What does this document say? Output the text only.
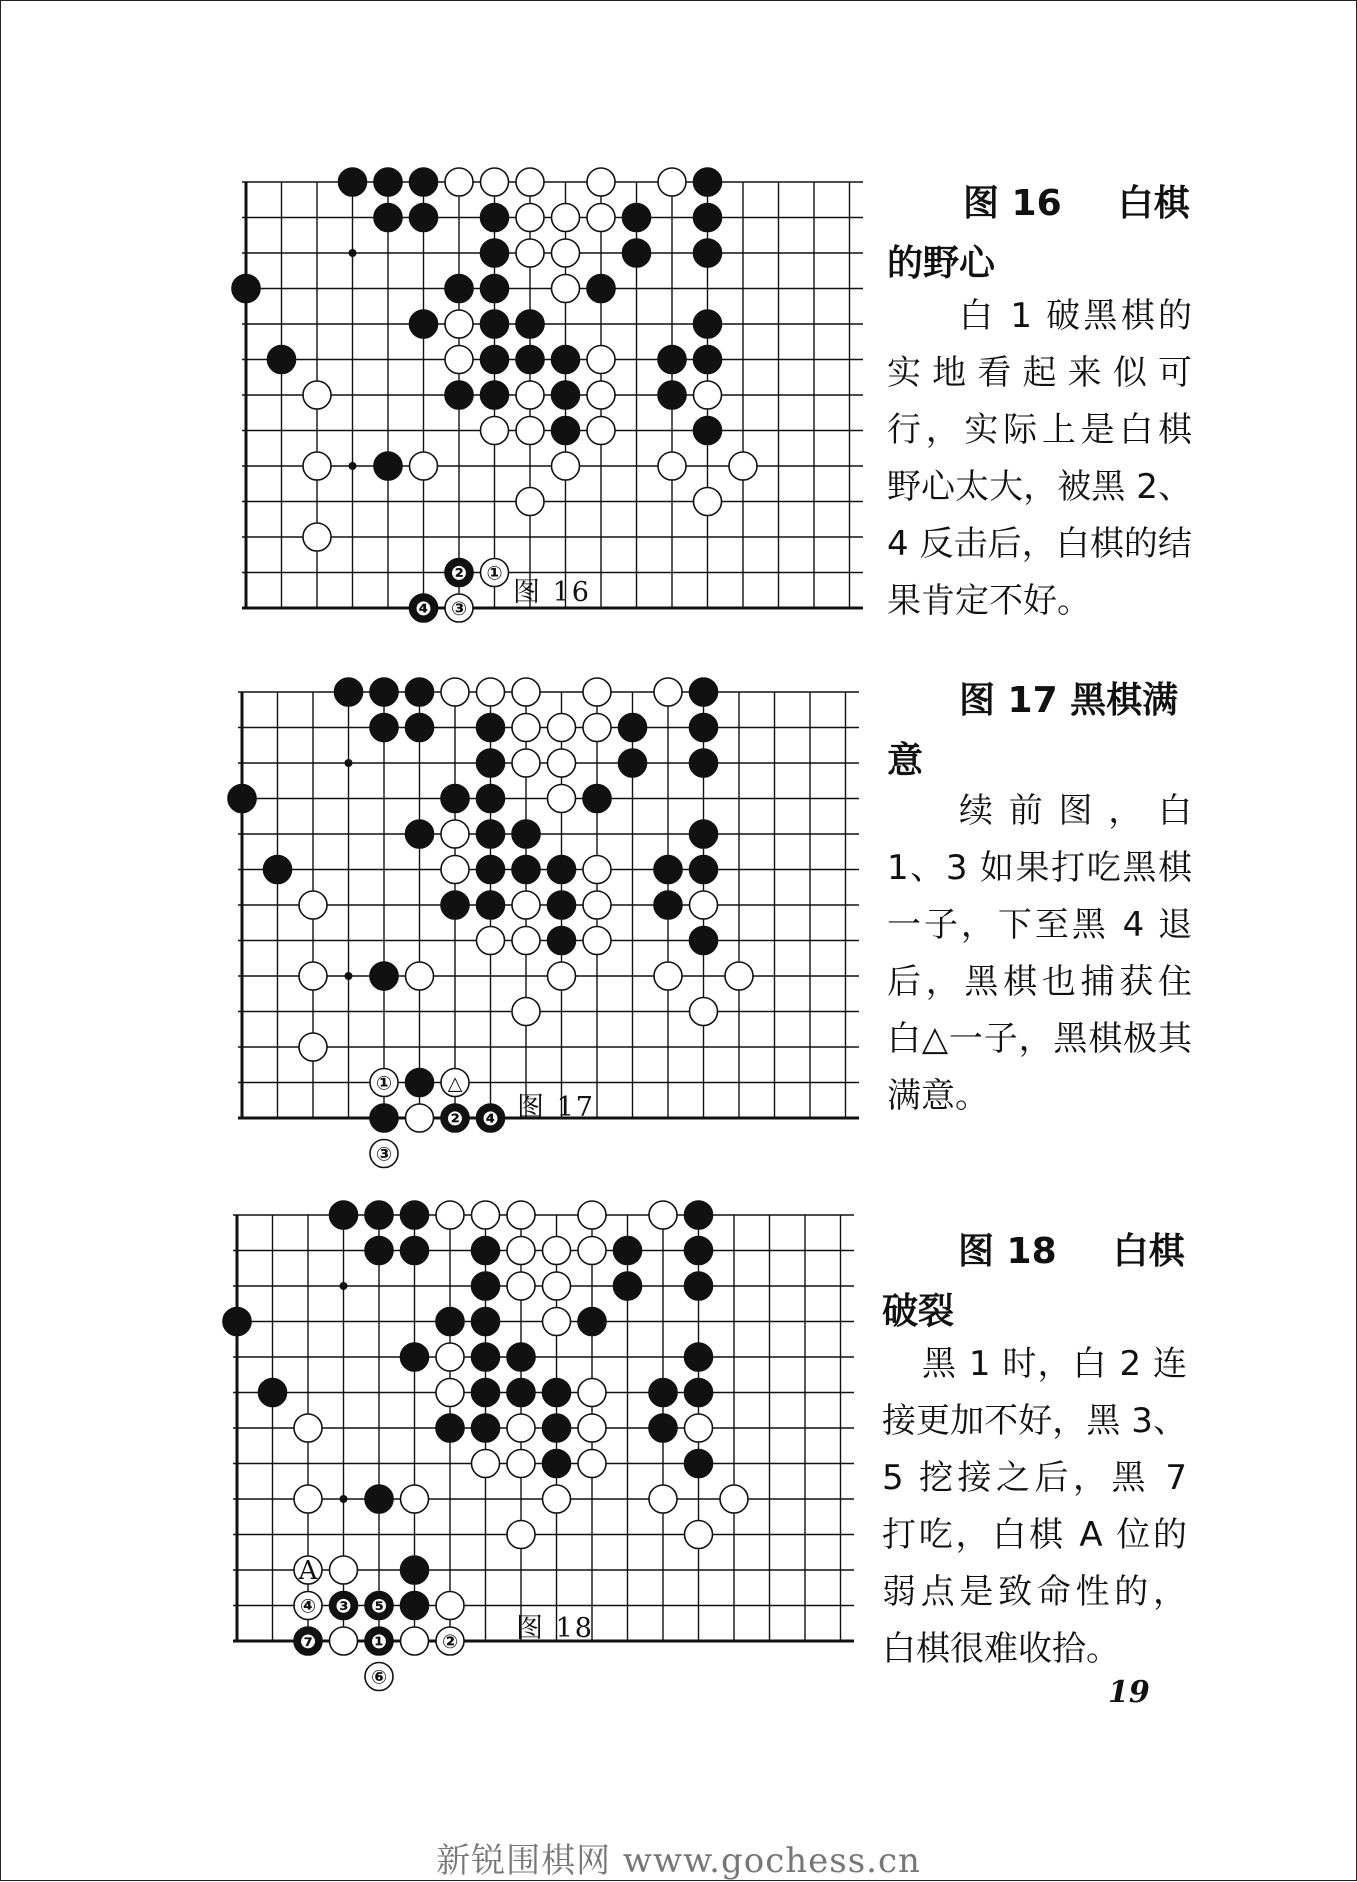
①
❷
③
❹
图 16
图 16 白棋
的野心

白 1 破黑棋的实地看起来似可行，实际上是白棋野心太大，被黑 2、4 反击后，白棋的结果肯定不好。

①
❷
③
❹
△
图 17
图 17 黑棋满
意

续前图，白 1、3 如果打吃黑棋一子，下至黑 4 退后，黑棋也捕获住白△一子，黑棋极其满意。

❶	②
❸
④	❺
⑥
❼
A
图 18
图 18 白棋
破裂

黑 1 时，白 2 连接更加不好，黑 3、5 挖接之后，黑 7 打吃，白棋 A 位的弱点是致命性的，白棋很难收拾。

19
新锐围棋网 www.gochess.cn
